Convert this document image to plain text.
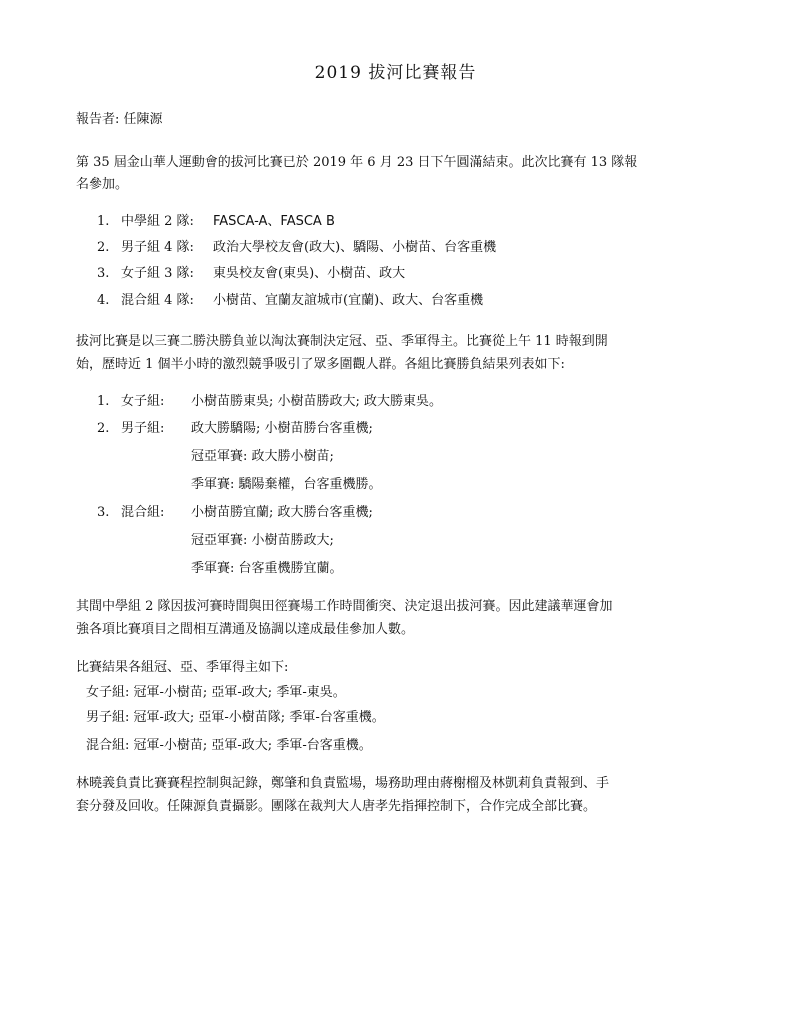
2019 拔河比賽報告
報告者: 任陳源
第 35 屆金山華人運動會的拔河比賽已於 2019 年 6 月 23 日下午圓滿結束。此次比賽有 13 隊報
名參加。
1. 中學組 2 隊: FASCA-A、FASCA B
2. 男子組 4 隊: 政治大學校友會(政大)、驕陽、小樹苗、台客重機
3. 女子組 3 隊: 東吳校友會(東吳)、小樹苗、政大
4. 混合組 4 隊: 小樹苗、宜蘭友誼城市(宜蘭)、政大、台客重機
拔河比賽是以三賽二勝決勝負並以淘汰賽制決定冠、亞、季軍得主。比賽從上午 11 時報到開
始，歷時近 1 個半小時的激烈競爭吸引了眾多圍觀人群。各組比賽勝負結果列表如下:
1. 女子組: 小樹苗勝東吳; 小樹苗勝政大; 政大勝東吳。
2. 男子組: 政大勝驕陽; 小樹苗勝台客重機;
冠亞軍賽: 政大勝小樹苗;
季軍賽: 驕陽棄權，台客重機勝。
3. 混合組: 小樹苗勝宜蘭; 政大勝台客重機;
冠亞軍賽: 小樹苗勝政大;
季軍賽: 台客重機勝宜蘭。
其間中學組 2 隊因拔河賽時間與田徑賽場工作時間衝突、決定退出拔河賽。因此建議華運會加
強各項比賽項目之間相互溝通及協調以達成最佳參加人數。
比賽結果各組冠、亞、季軍得主如下:
女子組: 冠軍-小樹苗; 亞軍-政大; 季軍-東吳。
男子組: 冠軍-政大; 亞軍-小樹苗隊; 季軍-台客重機。
混合組: 冠軍-小樹苗; 亞軍-政大; 季軍-台客重機。
林曉義負責比賽賽程控制與記錄，鄭肇和負責監場，場務助理由蔣榭榴及林凱莉負責報到、手
套分發及回收。任陳源負責攝影。團隊在裁判大人唐孝先指揮控制下，合作完成全部比賽。
